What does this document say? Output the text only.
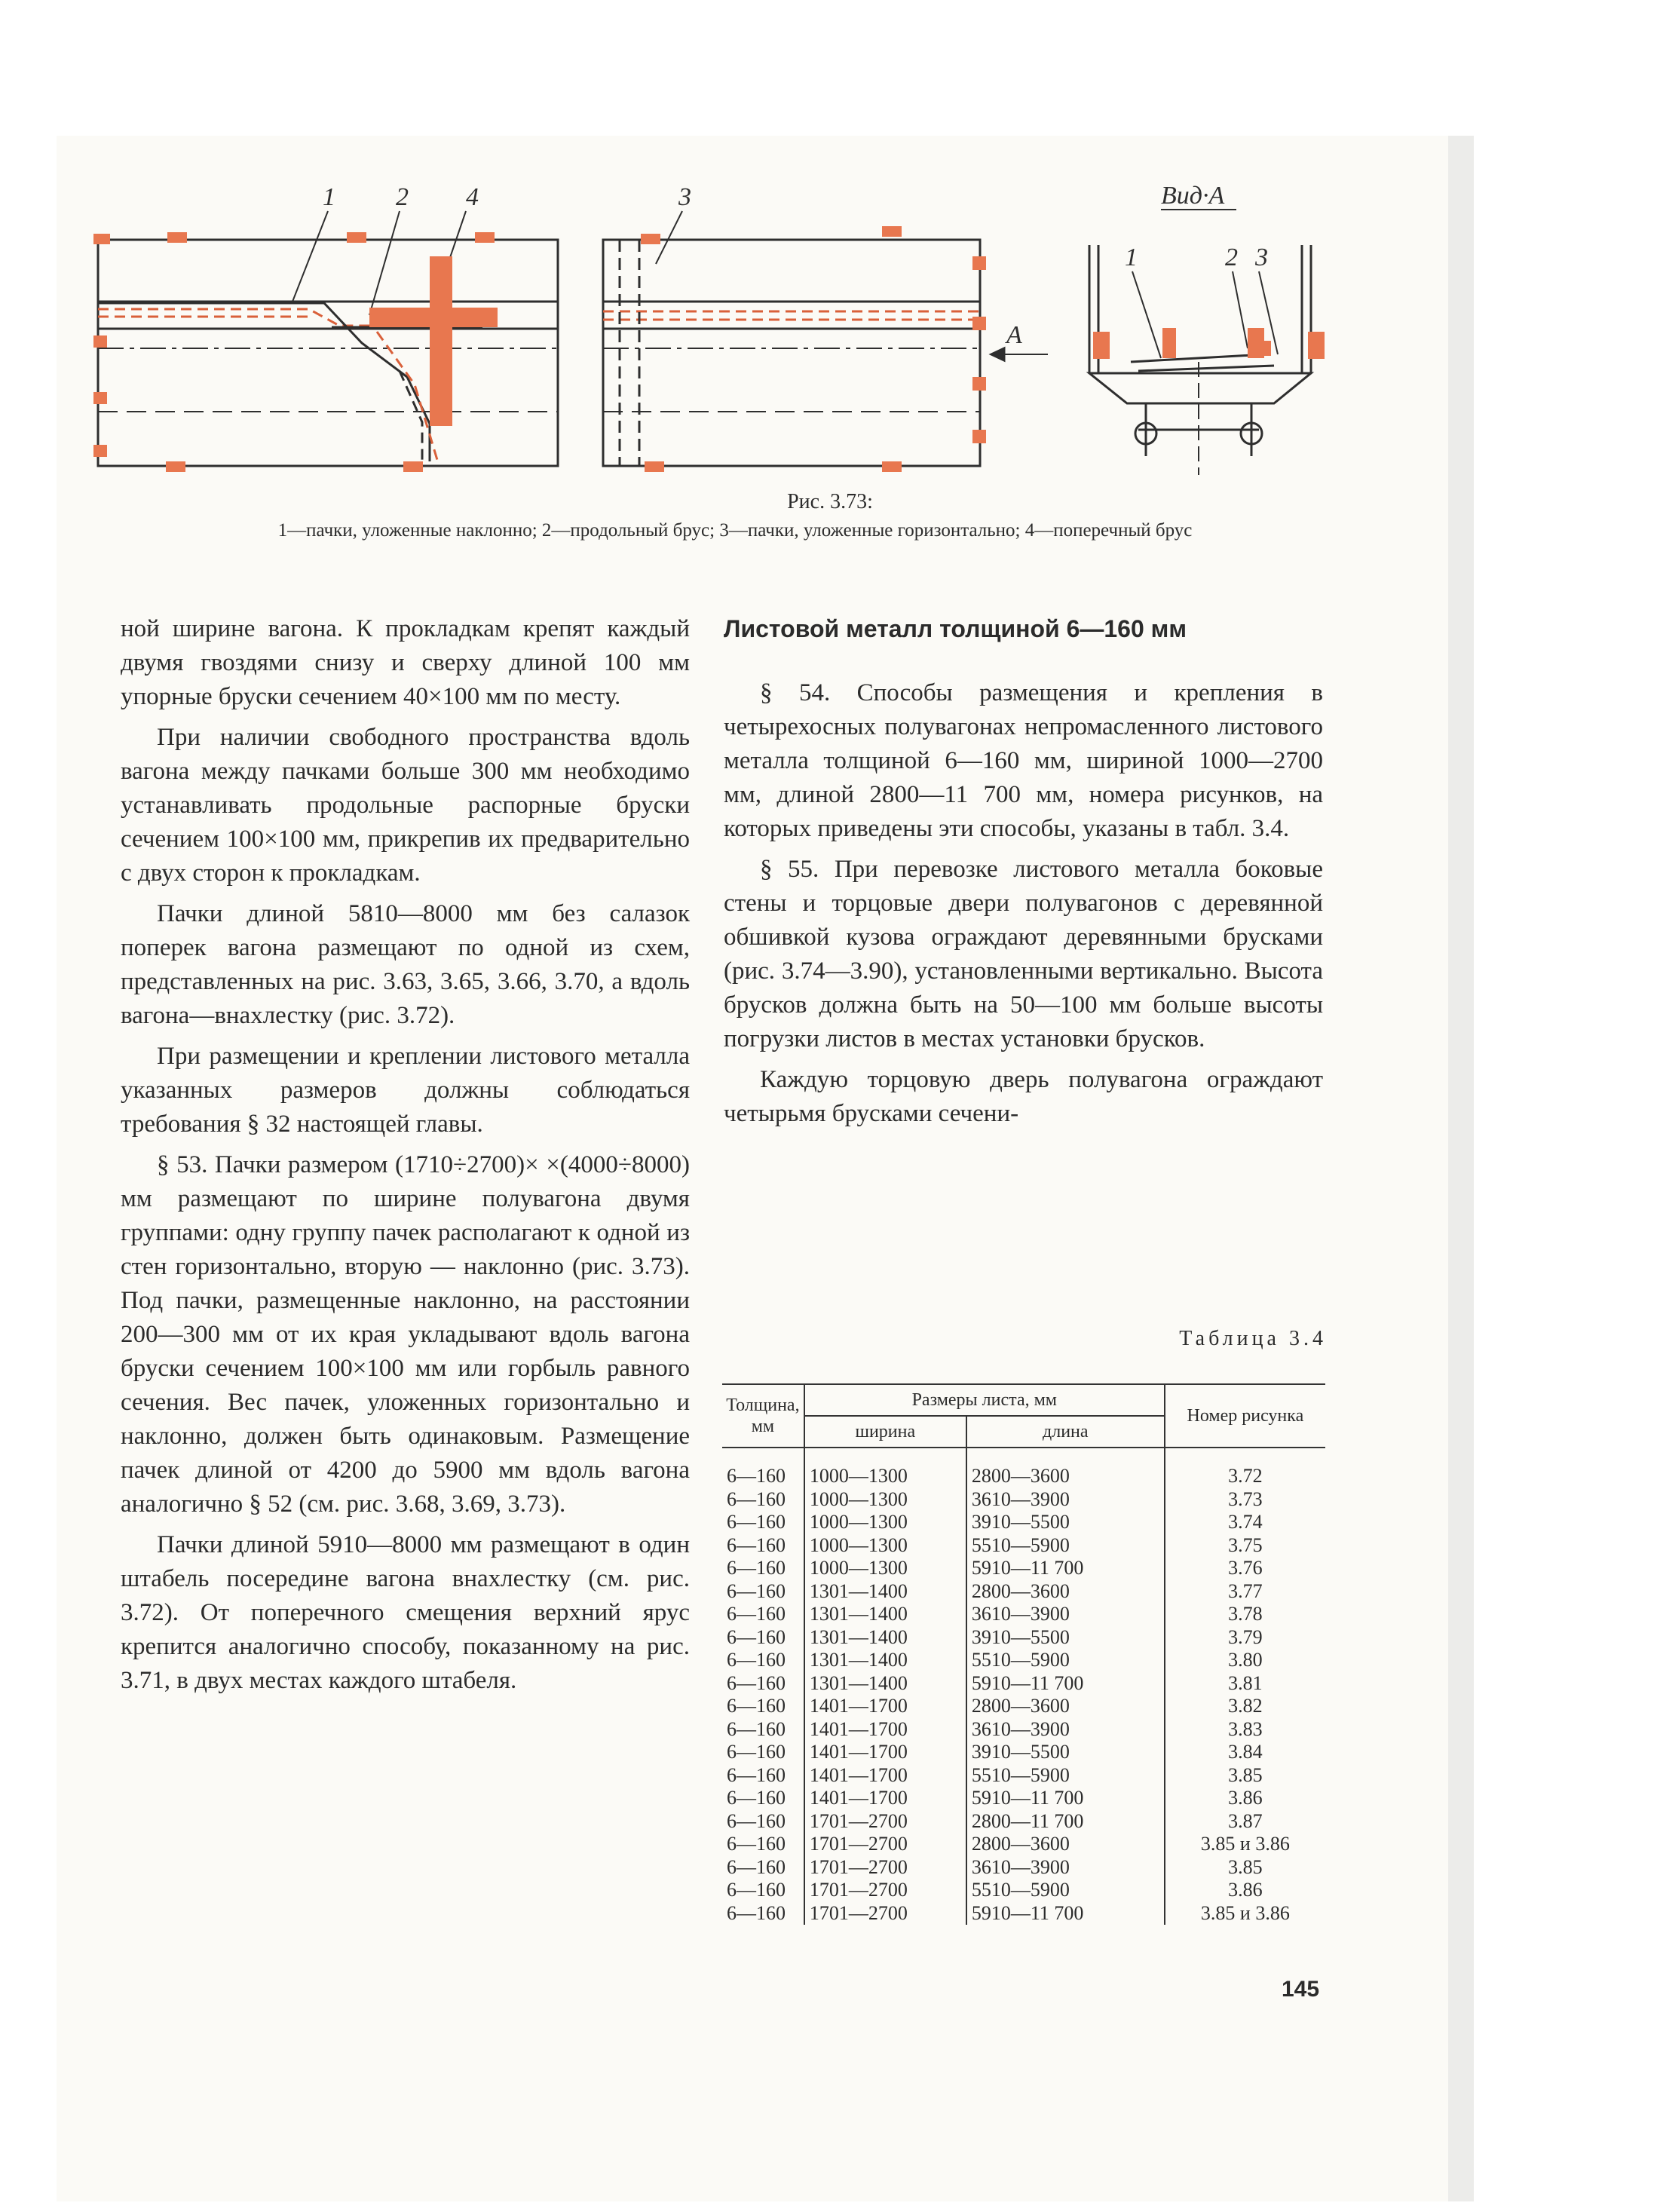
1 2 4	3
A
Вид·А
1	2 3
Рис. 3.73:
1—пачки, уложенные наклонно; 2—продольный брус; 3—пачки, уложенные горизонтально; 4—поперечный брус

ной ширине вагона. К прокладкам крепят каждый двумя гвоздями снизу и сверху длиной 100 мм упорные бруски сечением 40×100 мм по месту.

При наличии свободного пространства вдоль вагона между пачками больше 300 мм необходимо устанавливать продольные распорные бруски сечением 100×100 мм, прикрепив их предварительно с двух сторон к прокладкам.

Пачки длиной 5810—8000 мм без салазок поперек вагона размещают по одной из схем, представленных на рис. 3.63, 3.65, 3.66, 3.70, а вдоль вагона—внахлестку (рис. 3.72).

При размещении и креплении листового металла указанных размеров должны соблюдаться требования § 32 настоящей главы.

§ 53. Пачки размером (1710÷2700)× ×(4000÷8000) мм размещают по ширине полувагона двумя группами: одну группу пачек располагают к одной из стен горизонтально, вторую — наклонно (рис. 3.73). Под пачки, размещенные наклонно, на расстоянии 200—300 мм от их края укладывают вдоль вагона бруски сечением 100×100 мм или горбыль равного сечения. Вес пачек, уложенных горизонтально и наклонно, должен быть одинаковым. Размещение пачек длиной от 4200 до 5900 мм вдоль вагона аналогично § 52 (см. рис. 3.68, 3.69, 3.73).

Пачки длиной 5910—8000 мм размещают в один штабель посередине вагона внахлестку (см. рис. 3.72). От поперечного смещения верхний ярус крепится аналогично способу, показанному на рис. 3.71, в двух местах каждого штабеля.

Листовой металл толщиной 6—160 мм

§ 54. Способы размещения и крепления в четырехосных полувагонах непромасленного листового металла толщиной 6—160 мм, шириной 1000—2700 мм, длиной 2800—11 700 мм, номера рисунков, на которых приведены эти способы, указаны в табл. 3.4.

§ 55. При перевозке листового металла боковые стены и торцовые двери полувагонов с деревянной обшивкой кузова ограждают деревянными брусками (рис. 3.74—3.90), установленными вертикально. Высота брусков должна быть на 50—100 мм больше высоты погрузки листов в местах установки брусков.

Каждую торцовую дверь полувагона ограждают четырьмя брусками сечени-

Таблица 3.4
Толщина, мм	Размеры листа, мм		Номер рисунка
	ширина	длина	
6—160	1000—1300	2800—3600	3.72
6—160	1000—1300	3610—3900	3.73
6—160	1000—1300	3910—5500	3.74
6—160	1000—1300	5510—5900	3.75
6—160	1000—1300	5910—11 700	3.76
6—160	1301—1400	2800—3600	3.77
6—160	1301—1400	3610—3900	3.78
6—160	1301—1400	3910—5500	3.79
6—160	1301—1400	5510—5900	3.80
6—160	1301—1400	5910—11 700	3.81
6—160	1401—1700	2800—3600	3.82
6—160	1401—1700	3610—3900	3.83
6—160	1401—1700	3910—5500	3.84
6—160	1401—1700	5510—5900	3.85
6—160	1401—1700	5910—11 700	3.86
6—160	1701—2700	2800—11 700	3.87
6—160	1701—2700	2800—3600	3.85 и 3.86
6—160	1701—2700	3610—3900	3.85
6—160	1701—2700	5510—5900	3.86
6—160	1701—2700	5910—11 700	3.85 и 3.86
145
